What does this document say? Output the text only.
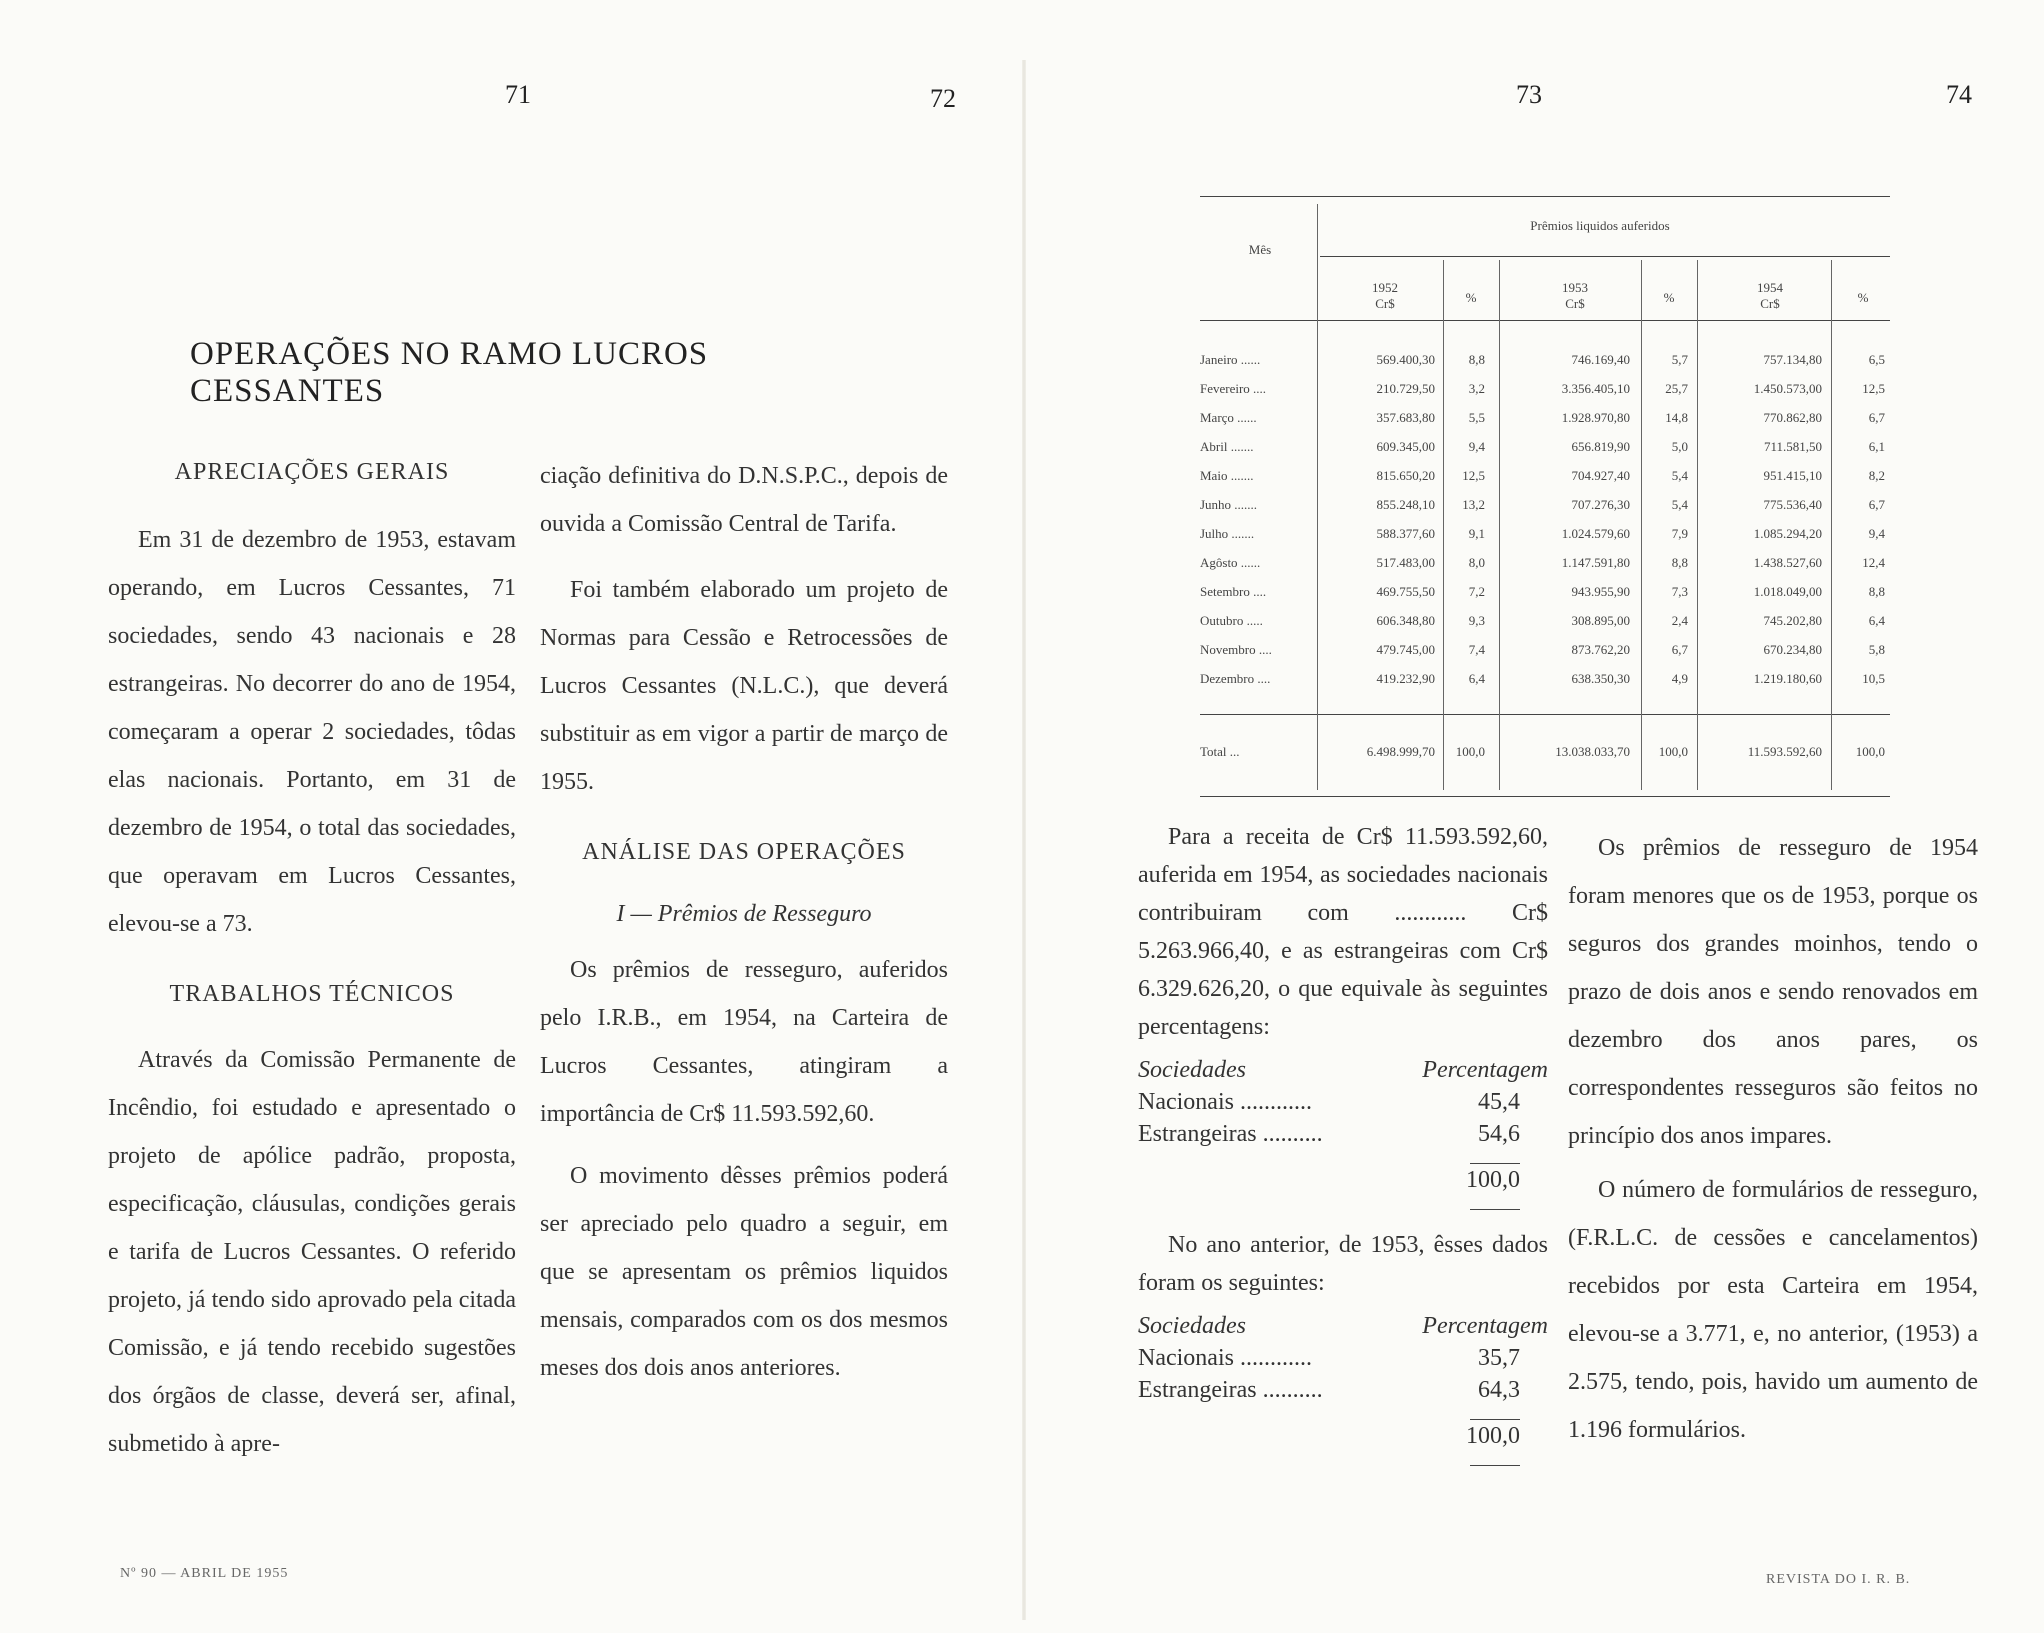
71	72	73	74
OPERAÇÕES NO RAMO LUCROS CESSANTES

APRECIAÇÕES GERAIS

Em 31 de dezembro de 1953, estavam operando, em Lucros Cessantes, 71 sociedades, sendo 43 nacionais e 28 estrangeiras. No decorrer do ano de 1954, começaram a operar 2 sociedades, tôdas elas nacionais. Portanto, em 31 de dezembro de 1954, o total das sociedades, que operavam em Lucros Cessantes, elevou-se a 73.

TRABALHOS TÉCNICOS

Através da Comissão Permanente de Incêndio, foi estudado e apresentado o projeto de apólice padrão, proposta, especificação, cláusulas, condições gerais e tarifa de Lucros Cessantes. O referido projeto, já tendo sido aprovado pela citada Comissão, e já tendo recebido sugestões dos órgãos de classe, deverá ser, afinal, submetido à apre-

ciação definitiva do D.N.S.P.C., depois de ouvida a Comissão Central de Tarifa.

Foi também elaborado um projeto de Normas para Cessão e Retrocessões de Lucros Cessantes (N.L.C.), que deverá substituir as em vigor a partir de março de 1955.

ANÁLISE DAS OPERAÇÕES

I — Prêmios de Resseguro

Os prêmios de resseguro, auferidos pelo I.R.B., em 1954, na Carteira de Lucros Cessantes, atingiram a importância de Cr$ 11.593.592,60.

O movimento dêsses prêmios poderá ser apreciado pelo quadro a seguir, em que se apresentam os prêmios liquidos mensais, comparados com os dos mesmos meses dos dois anos anteriores.

Nº 90 — ABRIL DE 1955
Mês
Prêmios liquidos auferidos
1952
Cr$	%
1953
Cr$	%
1954
Cr$	%
Janeiro ......	569.400,30	8,8	746.169,40	5,7	757.134,80	6,5
Fevereiro ....	210.729,50	3,2	3.356.405,10	25,7	1.450.573,00	12,5
Março ......	357.683,80	5,5	1.928.970,80	14,8	770.862,80	6,7
Abril .......	609.345,00	9,4	656.819,90	5,0	711.581,50	6,1
Maio .......	815.650,20	12,5	704.927,40	5,4	951.415,10	8,2
Junho .......	855.248,10	13,2	707.276,30	5,4	775.536,40	6,7
Julho .......	588.377,60	9,1	1.024.579,60	7,9	1.085.294,20	9,4
Agôsto ......	517.483,00	8,0	1.147.591,80	8,8	1.438.527,60	12,4
Setembro ....	469.755,50	7,2	943.955,90	7,3	1.018.049,00	8,8
Outubro .....	606.348,80	9,3	308.895,00	2,4	745.202,80	6,4
Novembro ....	479.745,00	7,4	873.762,20	6,7	670.234,80	5,8
Dezembro ....	419.232,90	6,4	638.350,30	4,9	1.219.180,60	10,5
Total ...	6.498.999,70	100,0	13.038.033,70	100,0	11.593.592,60	100,0

Para a receita de Cr$ 11.593.592,60, auferida em 1954, as sociedades nacionais contribuiram com ............ Cr$ 5.263.966,40, e as estrangeiras com Cr$ 6.329.626,20, o que equivale às seguintes percentagens:

Sociedades	Percentagem
Nacionais ............	45,4
Estrangeiras ..........	54,6

	100,0

No ano anterior, de 1953, êsses dados foram os seguintes:

Sociedades	Percentagem
Nacionais ............	35,7
Estrangeiras ..........	64,3

	100,0

Os prêmios de resseguro de 1954 foram menores que os de 1953, porque os seguros dos grandes moinhos, tendo o prazo de dois anos e sendo renovados em dezembro dos anos pares, os correspondentes resseguros são feitos no princípio dos anos impares.

O número de formulários de resseguro, (F.R.L.C. de cessões e cancelamentos) recebidos por esta Carteira em 1954, elevou-se a 3.771, e, no anterior, (1953) a 2.575, tendo, pois, havido um aumento de 1.196 formulários.

REVISTA DO I. R. B.
